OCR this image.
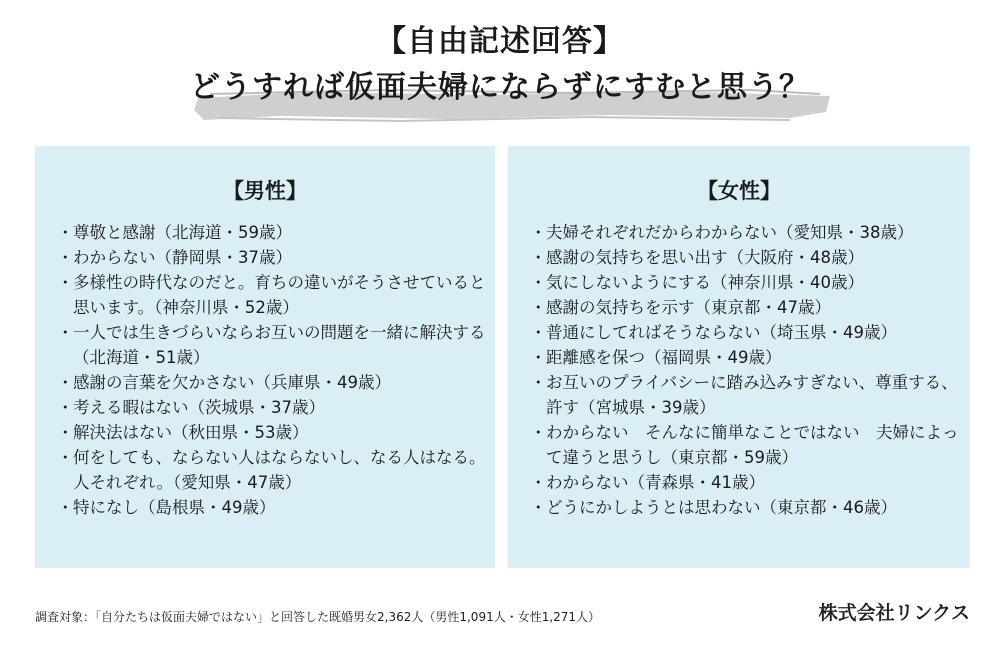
【自由記述回答】
どうすれば仮面夫婦にならずにすむと思う？
【男性】
・ 尊敬と感謝（北海道・59歳）
・ わからない（静岡県・37歳）
・ 多様性の時代なのだと。育ちの違いがそうさせていると思います。（神奈川県・52歳）
・ 一人では生きづらいならお互いの問題を一緒に解決する（北海道・51歳）
・ 感謝の言葉を欠かさない（兵庫県・49歳）
・ 考える暇はない（茨城県・37歳）
・ 解決法はない（秋田県・53歳）
・ 何をしても、ならない人はならないし、なる人はなる。人それぞれ。（愛知県・47歳）
・ 特になし（島根県・49歳）
【女性】
・ 夫婦それぞれだからわからない（愛知県・38歳）
・ 感謝の気持ちを思い出す（大阪府・48歳）
・ 気にしないようにする（神奈川県・40歳）
・ 感謝の気持ちを示す（東京都・47歳）
・ 普通にしてればそうならない（埼玉県・49歳）
・ 距離感を保つ（福岡県・49歳）
・ お互いのプライバシーに踏み込みすぎない、尊重する、許す（宮城県・39歳）
・ わからない　そんなに簡単なことではない　夫婦によって違うと思うし（東京都・59歳）
・ わからない（青森県・41歳）
・ どうにかしようとは思わない（東京都・46歳）
調査対象：「自分たちは仮面夫婦ではない」と回答した既婚男女2,362人（男性1,091人・女性1,271人）	株式会社リンクス
